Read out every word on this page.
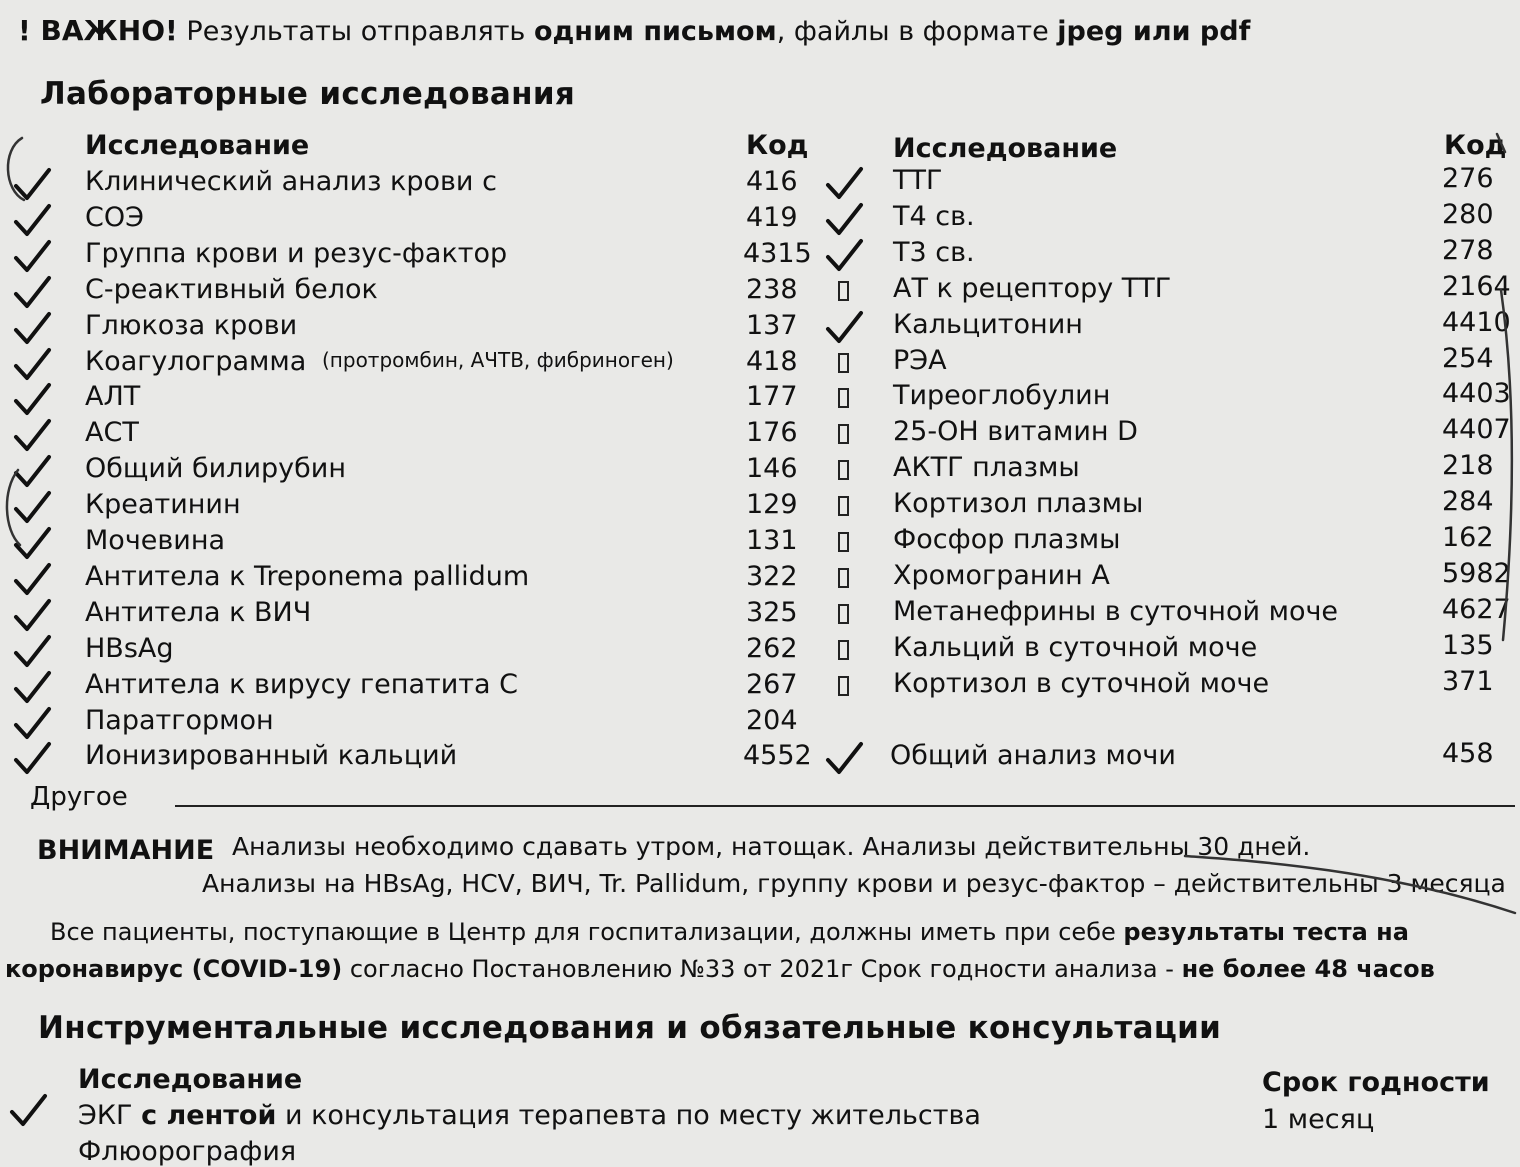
! ВАЖНО! Результаты отправлять одним письмом, файлы в формате jpeg или pdf
Лабораторные исследования
Исследование	Код	Исследование	Код
Клинический анализ крови с	416
СОЭ	419
Группа крови и резус-фактор	4315
С-реактивный белок	238
Глюкоза крови	137
Коагулограмма (протромбин, АЧТВ, фибриноген)	418
АЛТ	177
АСТ	176
Общий билирубин	146
Креатинин	129
Мочевина	131
Антитела к Treponema pallidum	322
Антитела к ВИЧ	325
HBsAg	262
Антитела к вирусу гепатита С	267
Паратгормон	204
Ионизированный кальций	4552
ТТГ	276
Т4 св.	280
Т3 св.	278
АТ к рецептору ТТГ	2164
Кальцитонин	4410
РЭА	254
Тиреоглобулин	4403
25-ОН витамин D	4407
АКТГ плазмы	218
Кортизол плазмы	284
Фосфор плазмы	162
Хромогранин А	5982
Метанефрины в суточной моче	4627
Кальций в суточной моче	135
Кортизол в суточной моче	371
Общий анализ мочи	458
Другое
ВНИМАНИЕ Анализы необходимо сдавать утром, натощак. Анализы действительны 30 дней.
Анализы на HBsAg, HCV, ВИЧ, Tr. Pallidum, группу крови и резус-фактор – действительны 3 месяца
Все пациенты, поступающие в Центр для госпитализации, должны иметь при себе результаты теста на
коронавирус (COVID-19) согласно Постановлению №33 от 2021г Срок годности анализа - не более 48 часов
Инструментальные исследования и обязательные консультации
Исследование	Срок годности
ЭКГ с лентой и консультация терапевта по месту жительства	1 месяц
Флюорография
